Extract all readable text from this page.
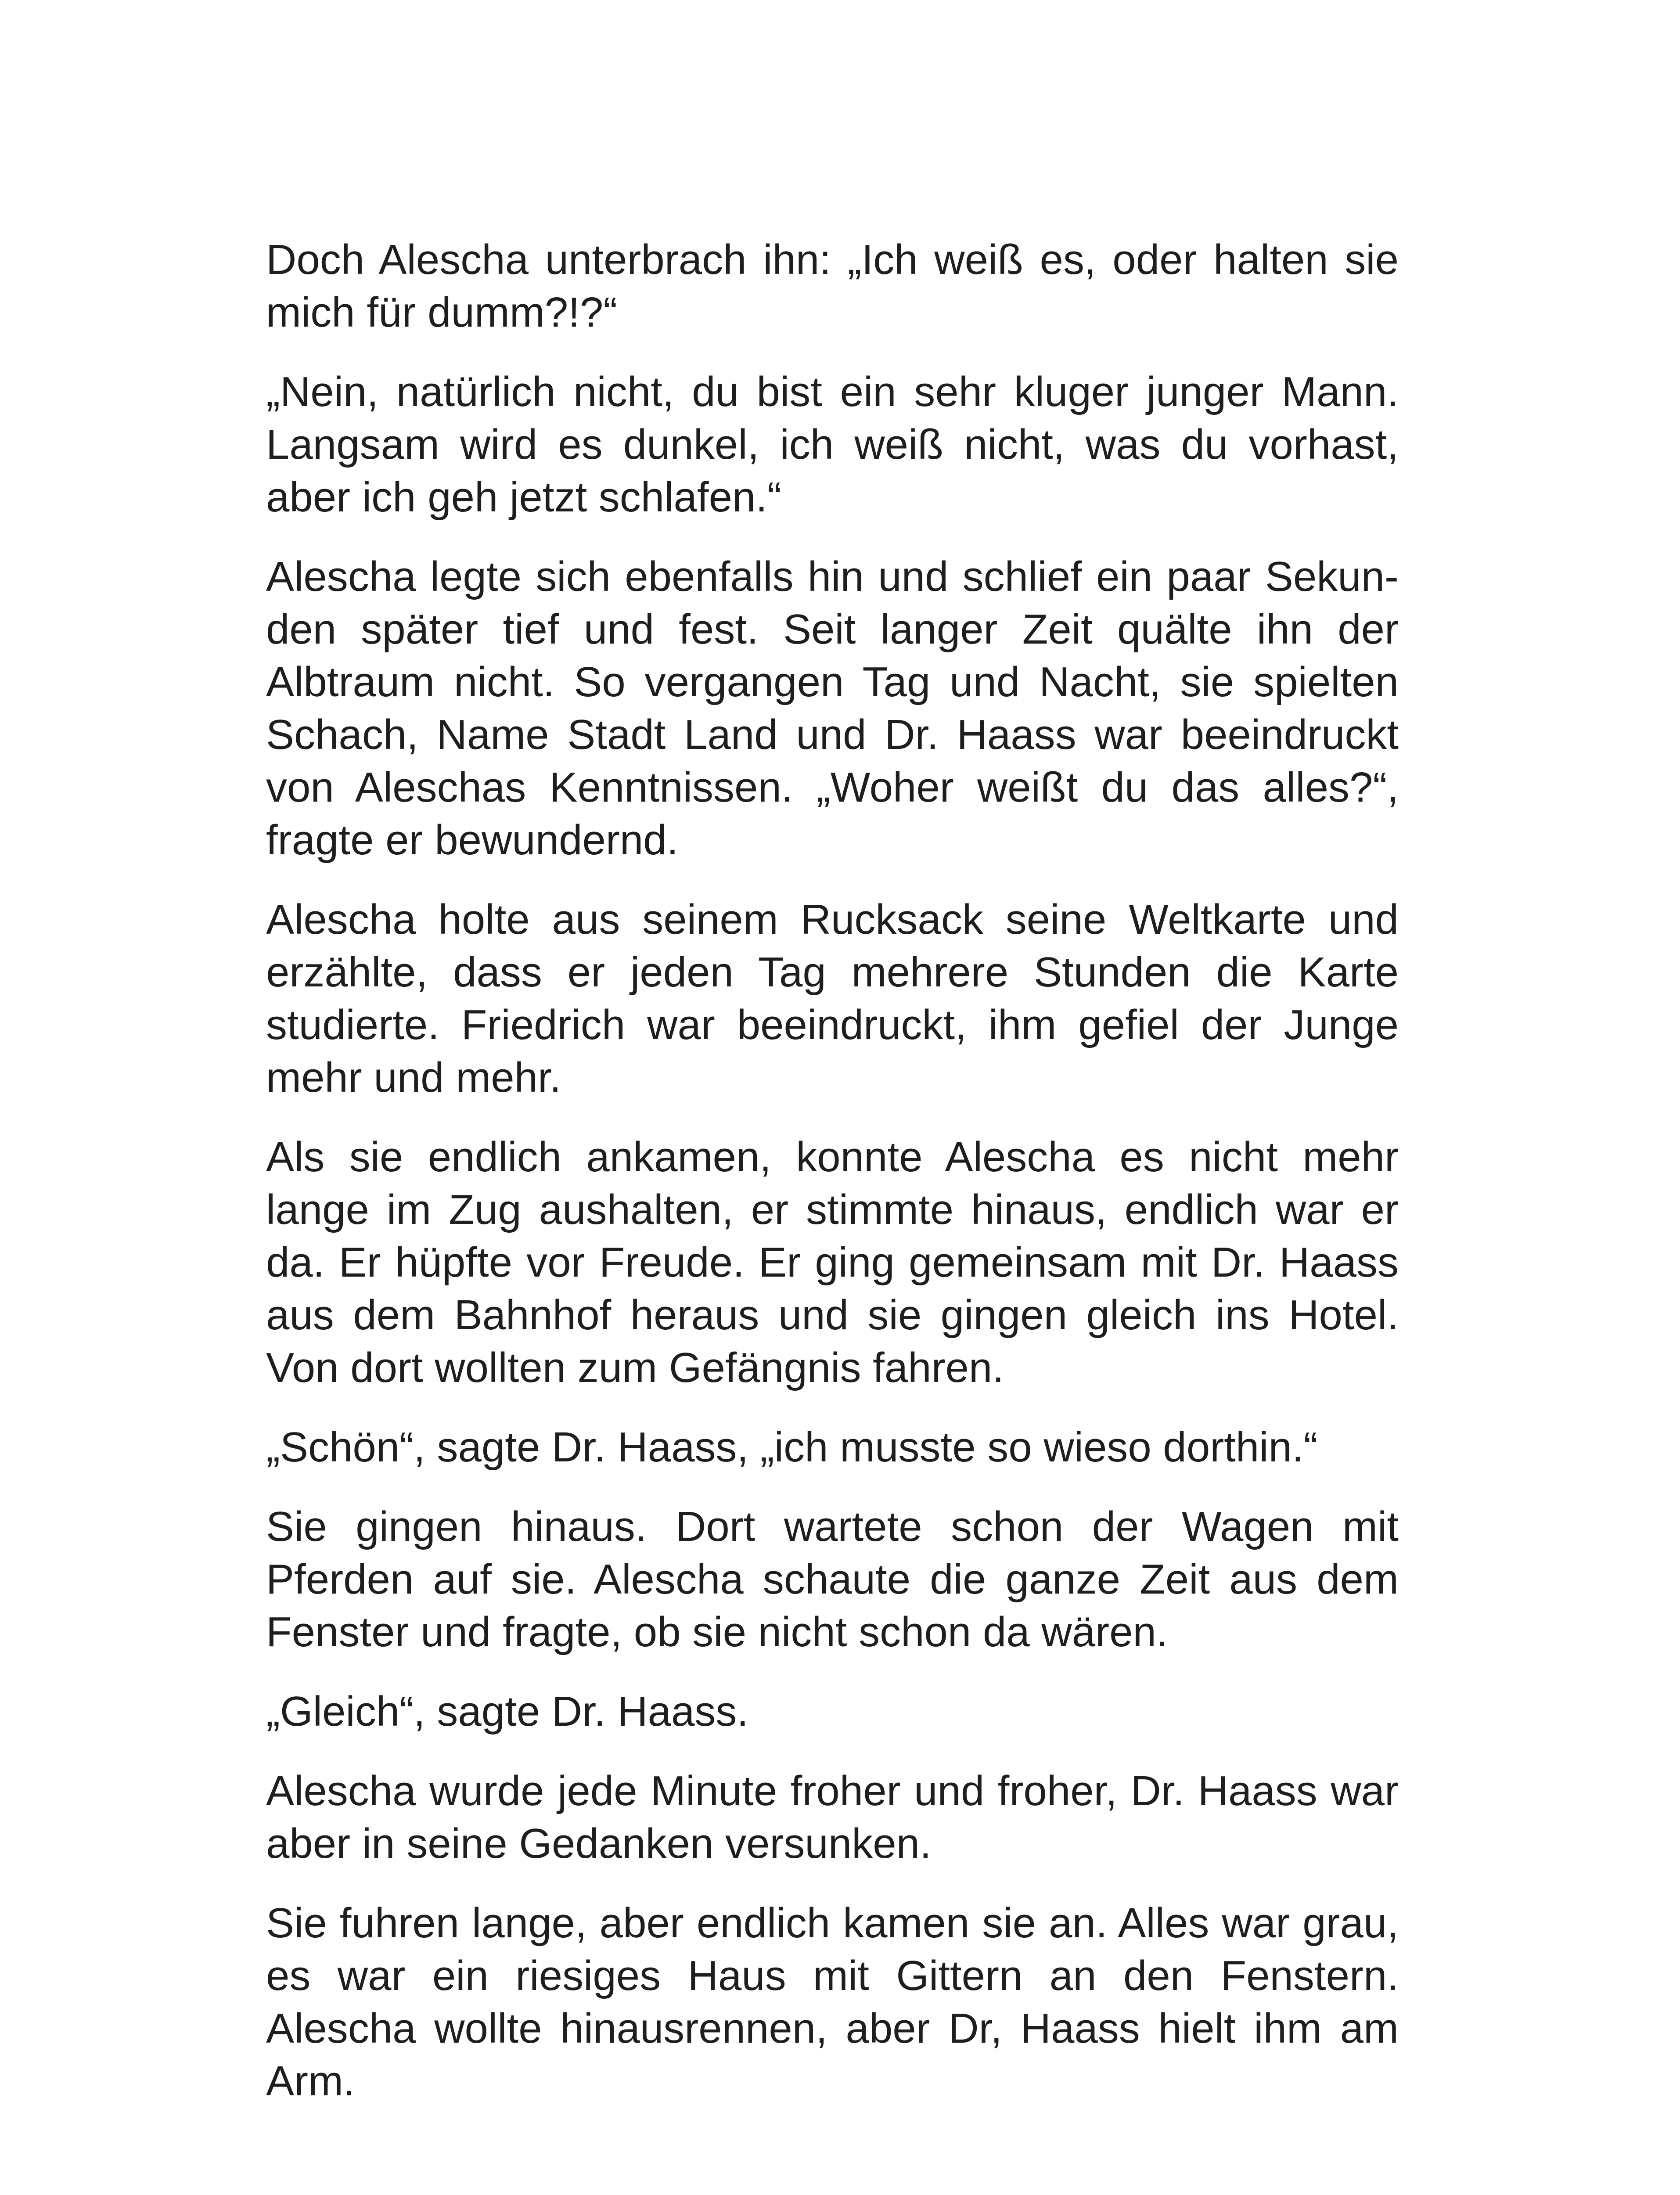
Doch Alescha unterbrach ihn: „Ich weiß es, oder halten sie mich für dumm?!?“

„Nein, natürlich nicht, du bist ein sehr kluger junger Mann. Langsam wird es dunkel, ich weiß nicht, was du vorhast, aber ich geh jetzt schlafen.“

Alescha legte sich ebenfalls hin und schlief ein paar Sekunden später tief und fest. Seit langer Zeit quälte ihn der Albtraum nicht. So vergangen Tag und Nacht, sie spielten Schach, Name Stadt Land und Dr. Haass war beeindruckt von Aleschas Kenntnissen. „Woher weißt du das alles?“, fragte er bewundernd.

Alescha holte aus seinem Rucksack seine Weltkarte und erzählte, dass er jeden Tag mehrere Stunden die Karte studierte. Friedrich war beeindruckt, ihm gefiel der Junge mehr und mehr.

Als sie endlich ankamen, konnte Alescha es nicht mehr lange im Zug aushalten, er stimmte hinaus, endlich war er da. Er hüpfte vor Freude. Er ging gemeinsam mit Dr. Haass aus dem Bahnhof heraus und sie gingen gleich ins Hotel. Von dort wollten zum Gefängnis fahren.

„Schön“, sagte Dr. Haass, „ich musste so wieso dorthin.“

Sie gingen hinaus. Dort wartete schon der Wagen mit Pferden auf sie. Alescha schaute die ganze Zeit aus dem Fenster und fragte, ob sie nicht schon da wären.

„Gleich“, sagte Dr. Haass.

Alescha wurde jede Minute froher und froher, Dr. Haass war aber in seine Gedanken versunken.

Sie fuhren lange, aber endlich kamen sie an. Alles war grau, es war ein riesiges Haus mit Gittern an den Fenstern. Alescha wollte hinausrennen, aber Dr, Haass hielt ihm am Arm.
